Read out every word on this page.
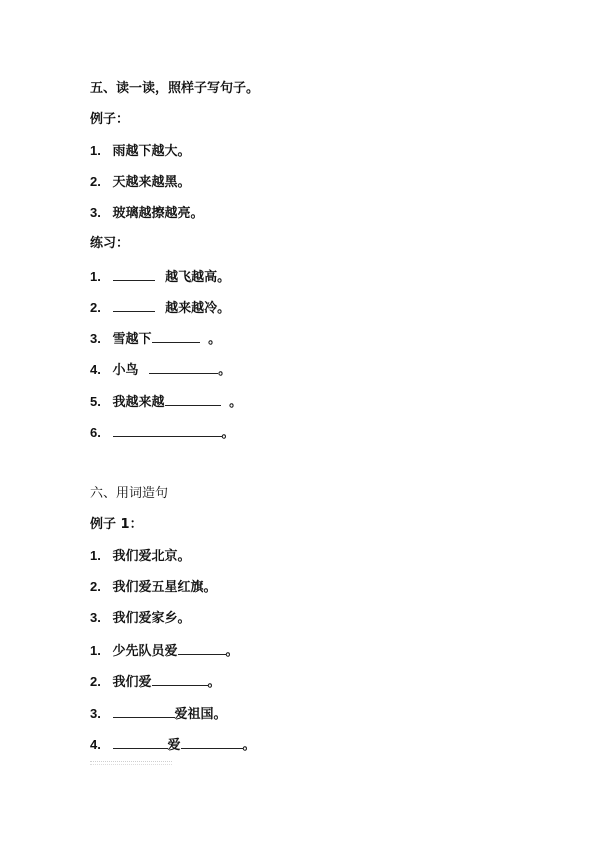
五、读一读，照样子写句子。
例子：
1. 雨越下越大。
2. 天越来越黑。
3. 玻璃越擦越亮。
练习：
1.	越飞越高。
2.	越来越冷。
3. 雪越下	。
4. 小鸟	。
5. 我越来越	。
6.	。
六、用词造句
例子 1：
1. 我们爱北京。
2. 我们爱五星红旗。
3. 我们爱家乡。
1. 少先队员爱	。
2. 我们爱	。
3.	爱祖国。
4.	爱	。
